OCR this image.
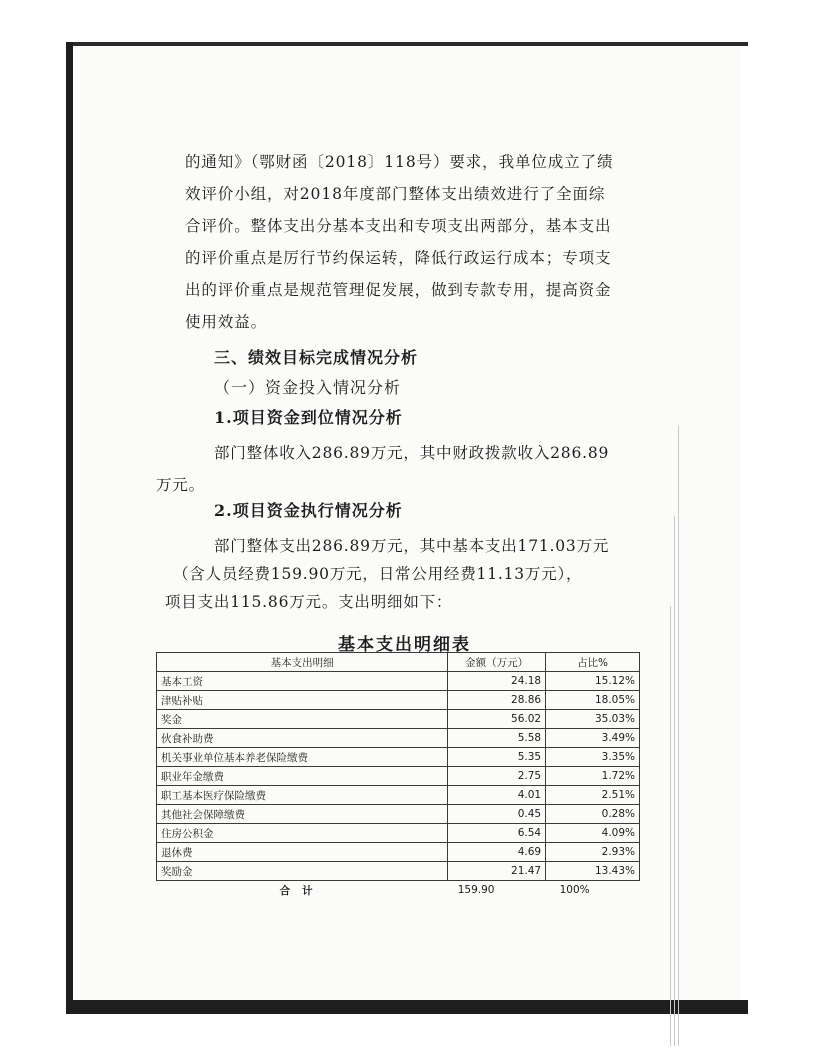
的通知》（鄂财函〔2018〕118号）要求，我单位成立了绩
效评价小组，对2018年度部门整体支出绩效进行了全面综
合评价。整体支出分基本支出和专项支出两部分，基本支出
的评价重点是厉行节约保运转，降低行政运行成本；专项支
出的评价重点是规范管理促发展，做到专款专用，提高资金
使用效益。
三、绩效目标完成情况分析
（一）资金投入情况分析
1.项目资金到位情况分析
部门整体收入286.89万元，其中财政拨款收入286.89
万元。
2.项目资金执行情况分析
部门整体支出286.89万元，其中基本支出171.03万元
（含人员经费159.90万元，日常公用经费11.13万元），
项目支出115.86万元。支出明细如下：
基本支出明细表
基本支出明细	金额（万元）	占比%
基本工资	24.18	15.12%
津贴补贴	28.86	18.05%
奖金	56.02	35.03%
伙食补助费	5.58	3.49%
机关事业单位基本养老保险缴费	5.35	3.35%
职业年金缴费	2.75	1.72%
职工基本医疗保险缴费	4.01	2.51%
其他社会保障缴费	0.45	0.28%
住房公积金	6.54	4.09%
退休费	4.69	2.93%
奖励金	21.47	13.43%
合计	159.90	100%
